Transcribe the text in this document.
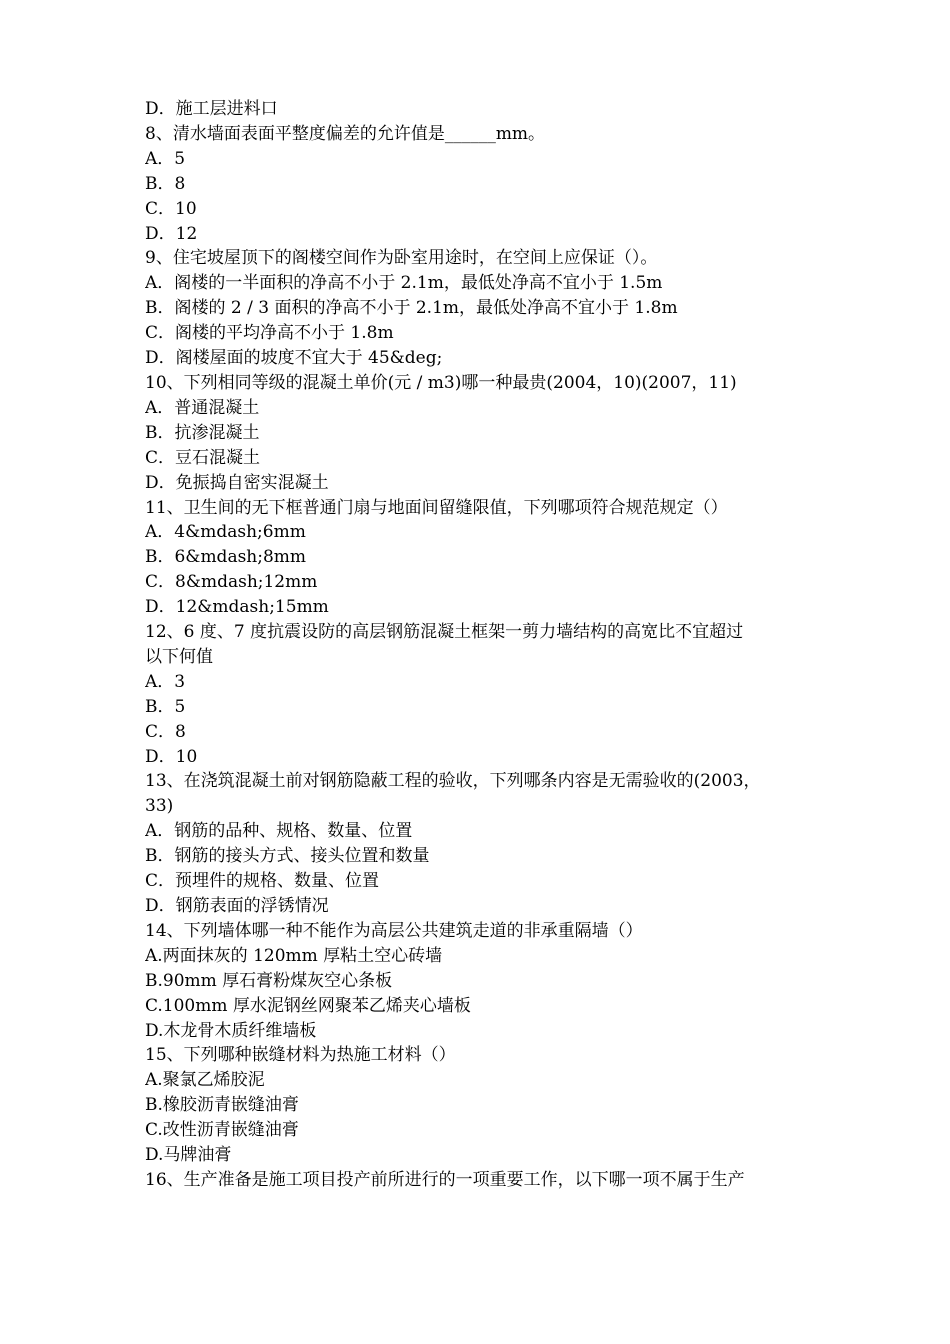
D．施工层进料口
8、清水墙面表面平整度偏差的允许值是______mm。
A．5
B．8
C．10
D．12
9、住宅坡屋顶下的阁楼空间作为卧室用途时，在空间上应保证（）。
A．阁楼的一半面积的净高不小于 2.1m，最低处净高不宜小于 1.5m
B．阁楼的 2 / 3 面积的净高不小于 2.1m，最低处净高不宜小于 1.8m
C．阁楼的平均净高不小于 1.8m
D．阁楼屋面的坡度不宜大于 45&deg;
10、下列相同等级的混凝土单价(元 / m3)哪一种最贵(2004，10)(2007，11)
A．普通混凝土
B．抗渗混凝土
C．豆石混凝土
D．免振捣自密实混凝土
11、卫生间的无下框普通门扇与地面间留缝限值，下列哪项符合规范规定（）
A．4&mdash;6mm
B．6&mdash;8mm
C．8&mdash;12mm
D．12&mdash;15mm
12、6 度、7 度抗震设防的高层钢筋混凝土框架一剪力墙结构的高宽比不宜超过
以下何值
A．3
B．5
C．8
D．10
13、在浇筑混凝土前对钢筋隐蔽工程的验收，下列哪条内容是无需验收的(2003，
33)
A．钢筋的品种、规格、数量、位置
B．钢筋的接头方式、接头位置和数量
C．预埋件的规格、数量、位置
D．钢筋表面的浮锈情况
14、下列墙体哪一种不能作为高层公共建筑走道的非承重隔墙（）
A.两面抹灰的 120mm 厚粘土空心砖墙
B.90mm 厚石膏粉煤灰空心条板
C.100mm 厚水泥钢丝网聚苯乙烯夹心墙板
D.木龙骨木质纤维墙板
15、下列哪种嵌缝材料为热施工材料（）
A.聚氯乙烯胶泥
B.橡胶沥青嵌缝油膏
C.改性沥青嵌缝油膏
D.马牌油膏
16、生产准备是施工项目投产前所进行的一项重要工作，以下哪一项不属于生产
